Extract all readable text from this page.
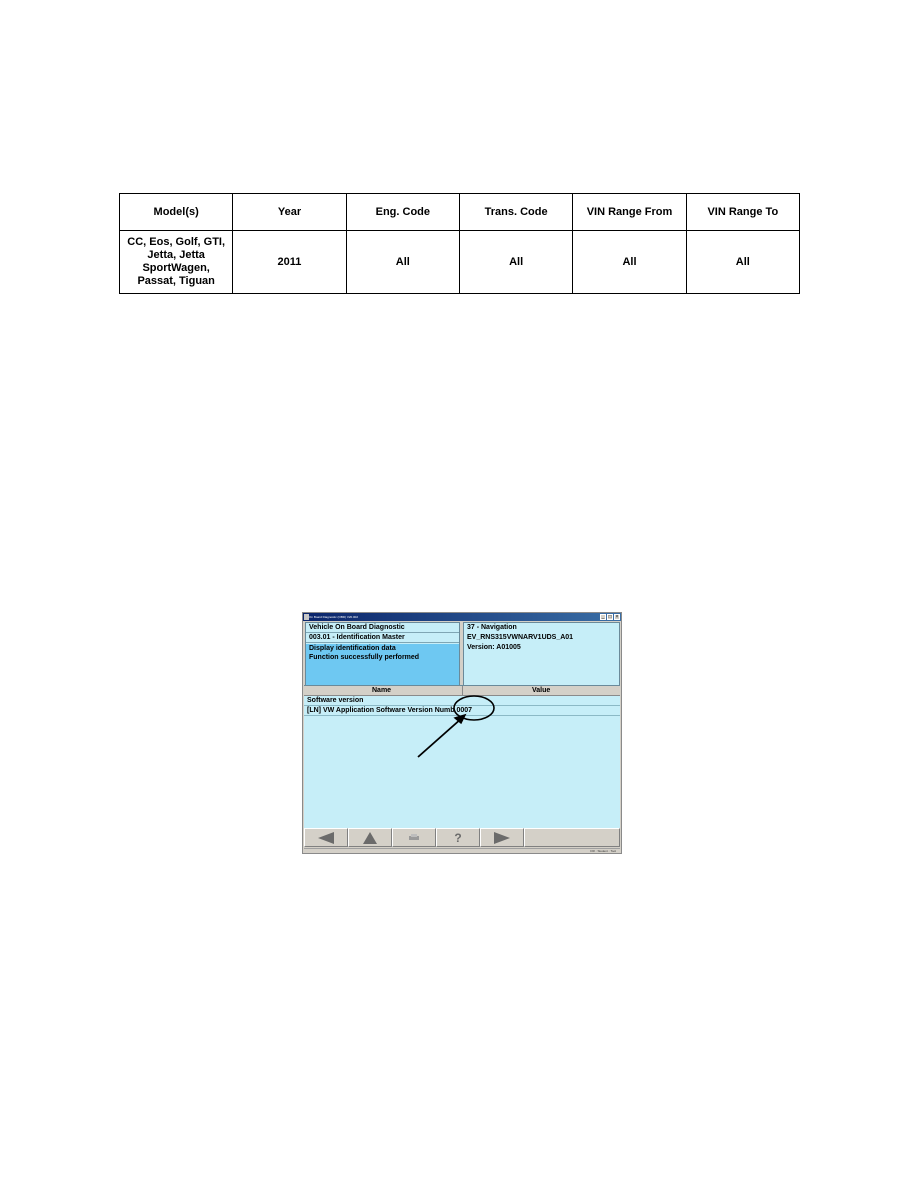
Model(s)	Year	Eng. Code	Trans. Code	VIN Range From	VIN Range To
CC, Eos, Golf, GTI, Jetta, Jetta SportWagen, Passat, Tiguan	2011	All	All	All	All
On Board Diagnostic (OBD) V20.002	_ □ ×
Vehicle On Board Diagnostic
003.01 - Identification Master
Display identification data
Function successfully performed
37 - Navigation
EV_RNS315VWNARV1UDS_A01
Version: A01005
Name	Value
Software version
[LN] VW Application Software Version Numb 0007
?
DR ◦ Student ◦ Tool
